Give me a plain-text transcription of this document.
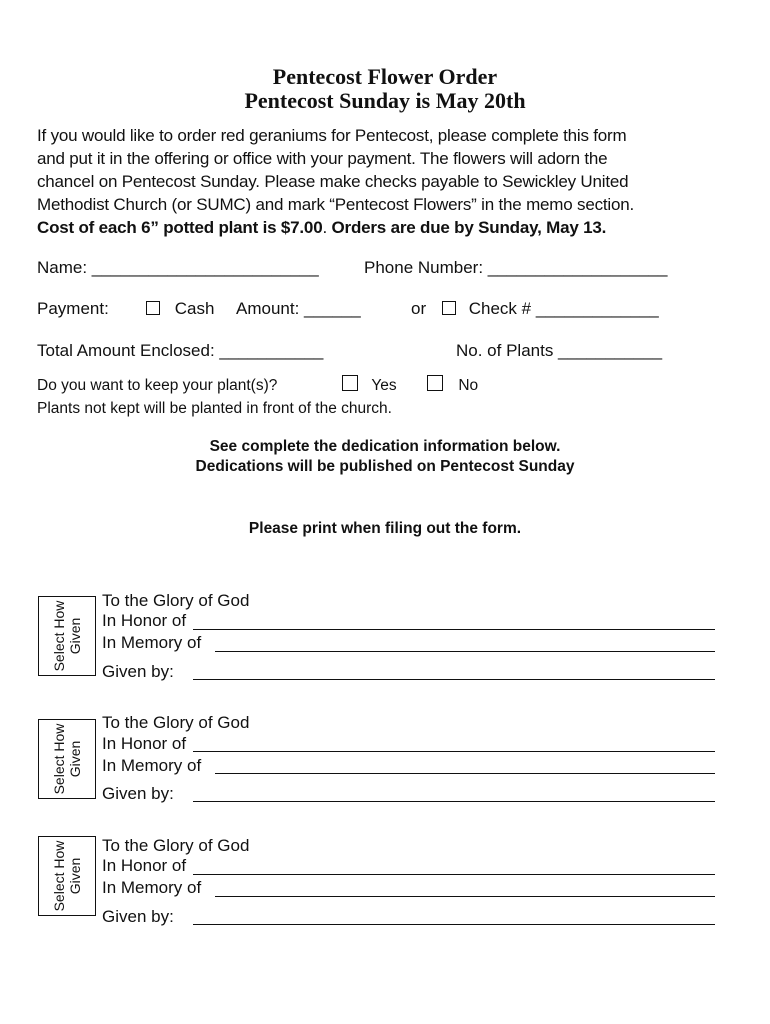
Pentecost Flower Order
Pentecost Sunday is May 20th
If you would like to order red geraniums for Pentecost, please complete this form
and put it in the offering or office with your payment. The flowers will adorn the
chancel on Pentecost Sunday. Please make checks payable to Sewickley United
Methodist Church (or SUMC) and mark “Pentecost Flowers” in the memo section.
Cost of each 6” potted plant is $7.00. Orders are due by Sunday, May 13.
Name: ________________________	Phone Number: ___________________
Payment:	Cash Amount: ______	or	Check # _____________
Total Amount Enclosed: ___________	No. of Plants ___________
Do you want to keep your plant(s)?	Yes	No
Plants not kept will be planted in front of the church.
See complete the dedication information below.
Dedications will be published on Pentecost Sunday
Please print when filing out the form.
Select How Given
To the Glory of God
In Honor of
In Memory of
Given by:
Select How Given
To the Glory of God
In Honor of
In Memory of
Given by:
Select How Given
To the Glory of God
In Honor of
In Memory of
Given by:
